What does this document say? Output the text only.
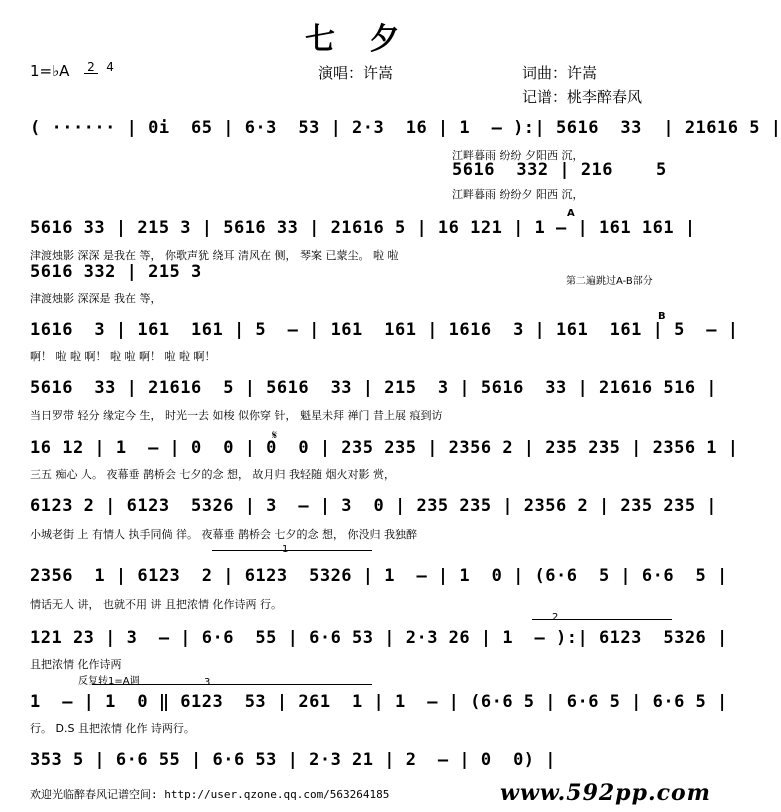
七 夕
1=♭A 2 4	演唱：许嵩	词曲：许嵩
记谱：桃李醉春风
( ······ | 0i  65 | 6·3  53 | 2·3  16 | 1  – ):| 5616  33  | 21616 5 |
江畔暮雨 纷纷 夕阳西 沉，
5616  332 | 216    5
江畔暮雨 纷纷夕 阳西 沉，
A
5616 33 | 215 3 | 5616 33 | 21616 5 | 16 121 | 1 – | 161 161 |
津渡烛影 深深 是我在 等， 你歌声犹 绕耳 清风在 侧， 琴案 已蒙尘。 啦 啦
5616 332 | 215 3	第二遍跳过A-B部分
津渡烛影 深深是 我在 等，
B
1616  3 | 161  161 | 5  – | 161  161 | 1616  3 | 161  161 | 5  – |
啊！ 啦 啦 啊！ 啦 啦 啊！ 啦 啦 啊！
5616  33 | 21616  5 | 5616  33 | 215  3 | 5616  33 | 21616 516 |
当日罗带 轻分 缘定今 生， 时光一去 如梭 似你穿 针， 魁星未拜 禅门 昔上展 痕到访
𝄋
16 12 | 1  – | 0  0 | 0  0 | 235 235 | 2356 2 | 235 235 | 2356 1 |
三五 痴心 人。 夜幕垂 鹊桥会 七夕的念 想， 故月归 我轻随 烟火对影 赏，
6123 2 | 6123  5326 | 3  – | 3  0 | 235 235 | 2356 2 | 235 235 |
小城老街 上 有情人 执手同倘 徉。 夜幕垂 鹊桥会 七夕的念 想， 你没归 我独醉
1
2356  1 | 6123  2 | 6123  5326 | 1  – | 1  0 | (6·6  5 | 6·6  5 |
情话无人 讲， 也就不用 讲 且把浓情 化作诗两 行。
2
121 23 | 3  – | 6·6  55 | 6·6 53 | 2·3 26 | 1  – ):| 6123  5326 |
且把浓情 化作诗两
反复转1=A调	3
1  – | 1  0 ‖ 6123  53 | 261  1 | 1  – | (6·6 5 | 6·6 5 | 6·6 5 |
行。 D.S 且把浓情 化作 诗两行。
353 5 | 6·6 55 | 6·6 53 | 2·3 21 | 2  – | 0  0) |
欢迎光临醉春风记谱空间: http://user.qzone.qq.com/563264185	www.592pp.com
